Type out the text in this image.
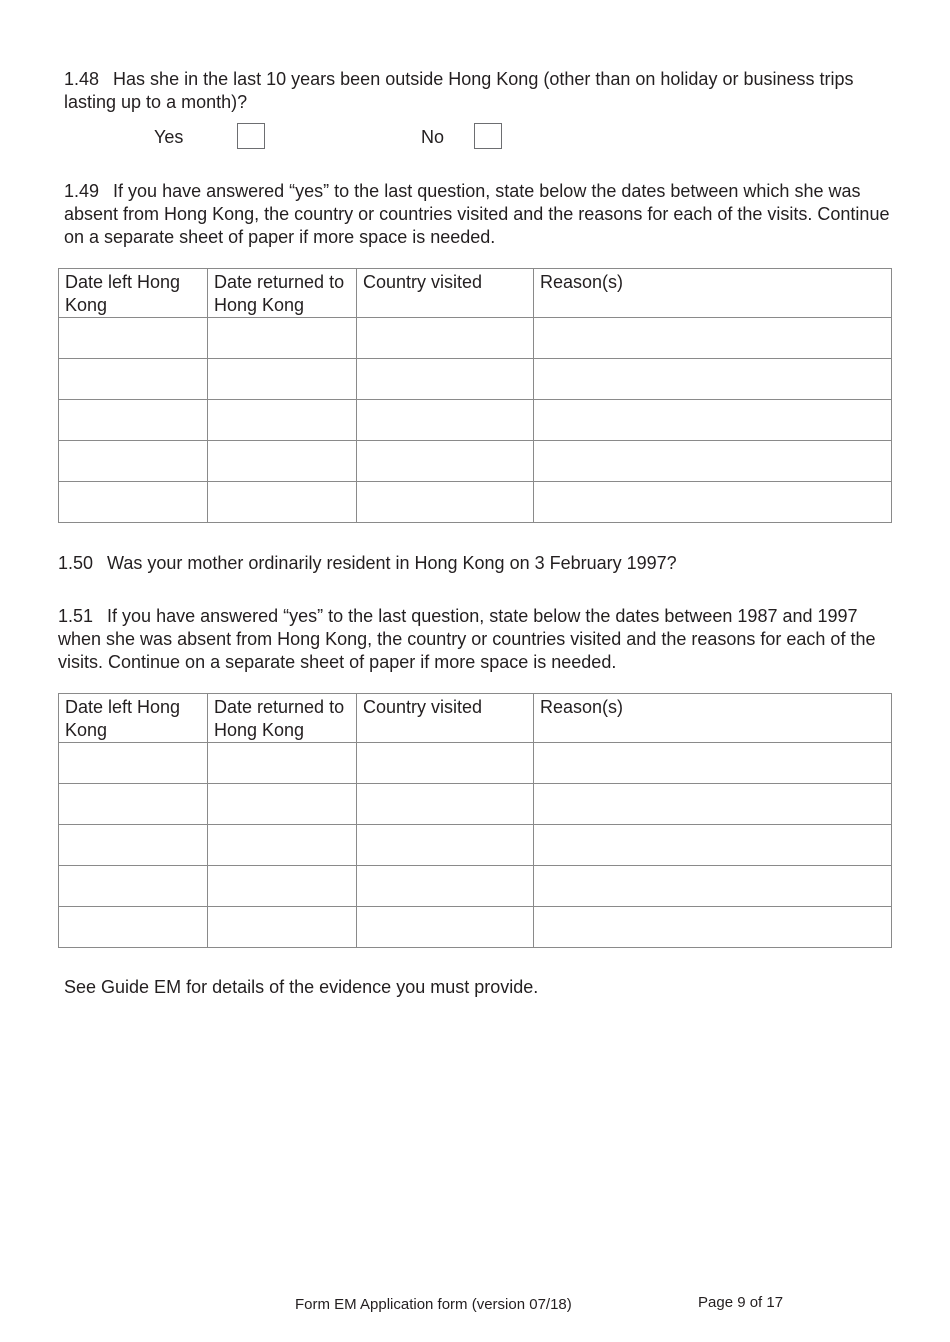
1.48 Has she in the last 10 years been outside Hong Kong (other than on holiday or business trips lasting up to a month)?
Yes	No
1.49 If you have answered “yes” to the last question, state below the dates between which she was absent from Hong Kong, the country or countries visited and the reasons for each of the visits. Continue on a separate sheet of paper if more space is needed.
Date left Hong Kong	Date returned to Hong Kong	Country visited	Reason(s)

1.50 Was your mother ordinarily resident in Hong Kong on 3 February 1997?
1.51 If you have answered “yes” to the last question, state below the dates between 1987 and 1997 when she was absent from Hong Kong, the country or countries visited and the reasons for each of the visits. Continue on a separate sheet of paper if more space is needed.
Date left Hong Kong	Date returned to Hong Kong	Country visited	Reason(s)

See Guide EM for details of the evidence you must provide.
Form EM Application form (version 07/18)	Page 9 of 17
